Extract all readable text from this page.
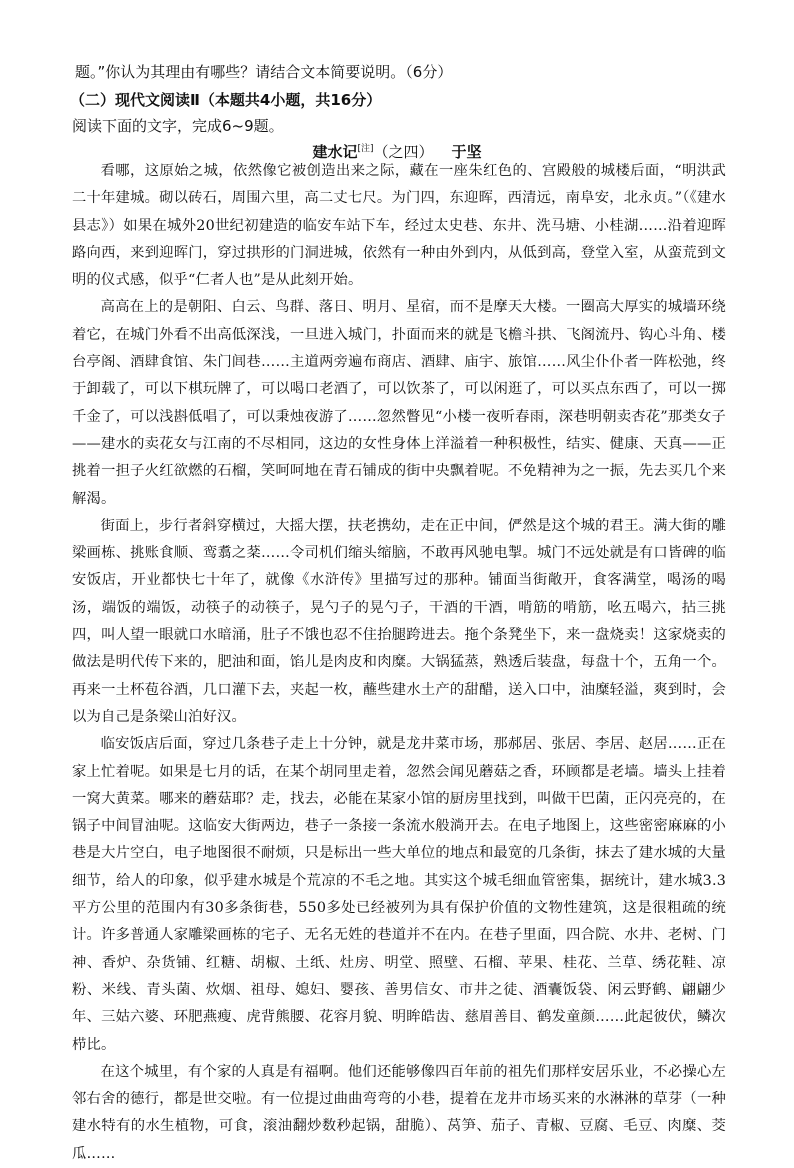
题。”你认为其理由有哪些？请结合文本简要说明。（6分）
（二）现代文阅读Ⅱ（本题共4小题，共16分）
阅读下面的文字，完成6~9题。
建水记[注]（之四） 于坚

看哪，这原始之城，依然像它被创造出来之际，藏在一座朱红色的、宫殿般的城楼后面，“明洪武二十年建城。砌以砖石，周围六里，高二丈七尺。为门四，东迎晖，西清远，南阜安，北永贞。”（《建水县志》）如果在城外20世纪初建造的临安车站下车，经过太史巷、东井、洗马塘、小桂湖……沿着迎晖路向西，来到迎晖门，穿过拱形的门洞进城，依然有一种由外到内，从低到高，登堂入室，从蛮荒到文明的仪式感，似乎“仁者人也”是从此刻开始。

高高在上的是朝阳、白云、鸟群、落日、明月、星宿，而不是摩天大楼。一圈高大厚实的城墙环绕着它，在城门外看不出高低深浅，一旦进入城门，扑面而来的就是飞檐斗拱、飞阁流丹、钩心斗角、楼台亭阁、酒肆食馆、朱门闾巷……主道两旁遍布商店、酒肆、庙宇、旅馆……风尘仆仆者一阵松弛，终于卸载了，可以下棋玩牌了，可以喝口老酒了，可以饮茶了，可以闲逛了，可以买点东西了，可以一掷千金了，可以浅斟低唱了，可以秉烛夜游了……忽然瞥见“小楼一夜听春雨，深巷明朝卖杏花”那类女子——建水的卖花女与江南的不尽相同，这边的女性身体上洋溢着一种积极性，结实、健康、天真——正挑着一担子火红欲燃的石榴，笑呵呵地在青石铺成的街中央飘着呢。不免精神为之一振，先去买几个来解渴。

街面上，步行者斜穿横过，大摇大摆，扶老携幼，走在正中间，俨然是这个城的君王。满大街的雕梁画栋、挑账食顺、鸾翥之棻……令司机们缩头缩脑，不敢再风驰电掣。城门不远处就是有口皆碑的临安饭店，开业都快七十年了，就像《水浒传》里描写过的那种。铺面当街敞开，食客满堂，喝汤的喝汤，端饭的端饭，动筷子的动筷子，晃勺子的晃勺子，干酒的干酒，啃筋的啃筋，吆五喝六，拈三挑四，叫人望一眼就口水暗涌，肚子不饿也忍不住抬腿跨进去。拖个条凳坐下，来一盘烧卖！这家烧卖的做法是明代传下来的，肥油和面，馅儿是肉皮和肉糜。大锅猛蒸，熟透后装盘，每盘十个，五角一个。再来一土杯苞谷酒，几口灌下去，夹起一枚，蘸些建水土产的甜醋，送入口中，油糜轻溢，爽到时，会以为自己是条梁山泊好汉。

临安饭店后面，穿过几条巷子走上十分钟，就是龙井菜市场，那郝居、张居、李居、赵居……正在家上忙着呢。如果是七月的话，在某个胡同里走着，忽然会闻见蘑菇之香，环顾都是老墙。墙头上挂着一窝大黄菜。哪来的蘑菇耶？走，找去，必能在某家小馆的厨房里找到，叫做干巴菌，正闪亮亮的，在锅子中间冒油呢。这临安大街两边，巷子一条接一条流水般淌开去。在电子地图上，这些密密麻麻的小巷是大片空白，电子地图很不耐烦，只是标出一些大单位的地点和最宽的几条街，抹去了建水城的大量细节，给人的印象，似乎建水城是个荒凉的不毛之地。其实这个城毛细血管密集，据统计，建水城3.3平方公里的范围内有30多条街巷，550多处已经被列为具有保护价值的文物性建筑，这是很粗疏的统计。许多普通人家雕梁画栋的宅子、无名无姓的巷道并不在内。在巷子里面，四合院、水井、老树、门神、香炉、杂货铺、红糖、胡椒、土纸、灶房、明堂、照壁、石榴、苹果、桂花、兰草、绣花鞋、凉粉、米线、青头菌、炊烟、祖母、媳妇、婴孩、善男信女、市井之徒、酒囊饭袋、闲云野鹤、翩翩少年、三姑六婆、环肥燕瘦、虎背熊腰、花容月貌、明眸皓齿、慈眉善目、鹤发童颜……此起彼伏，鳞次栉比。

在这个城里，有个家的人真是有福啊。他们还能够像四百年前的祖先们那样安居乐业，不必操心左邻右舍的德行，都是世交啦。有一位提过曲曲弯弯的小巷，提着在龙井市场买来的水淋淋的草芽（一种建水特有的水生植物，可食，滚油翻炒数秒起锅，甜脆）、莴笋、茄子、青椒、豆腐、毛豆、肉糜、茭瓜……
